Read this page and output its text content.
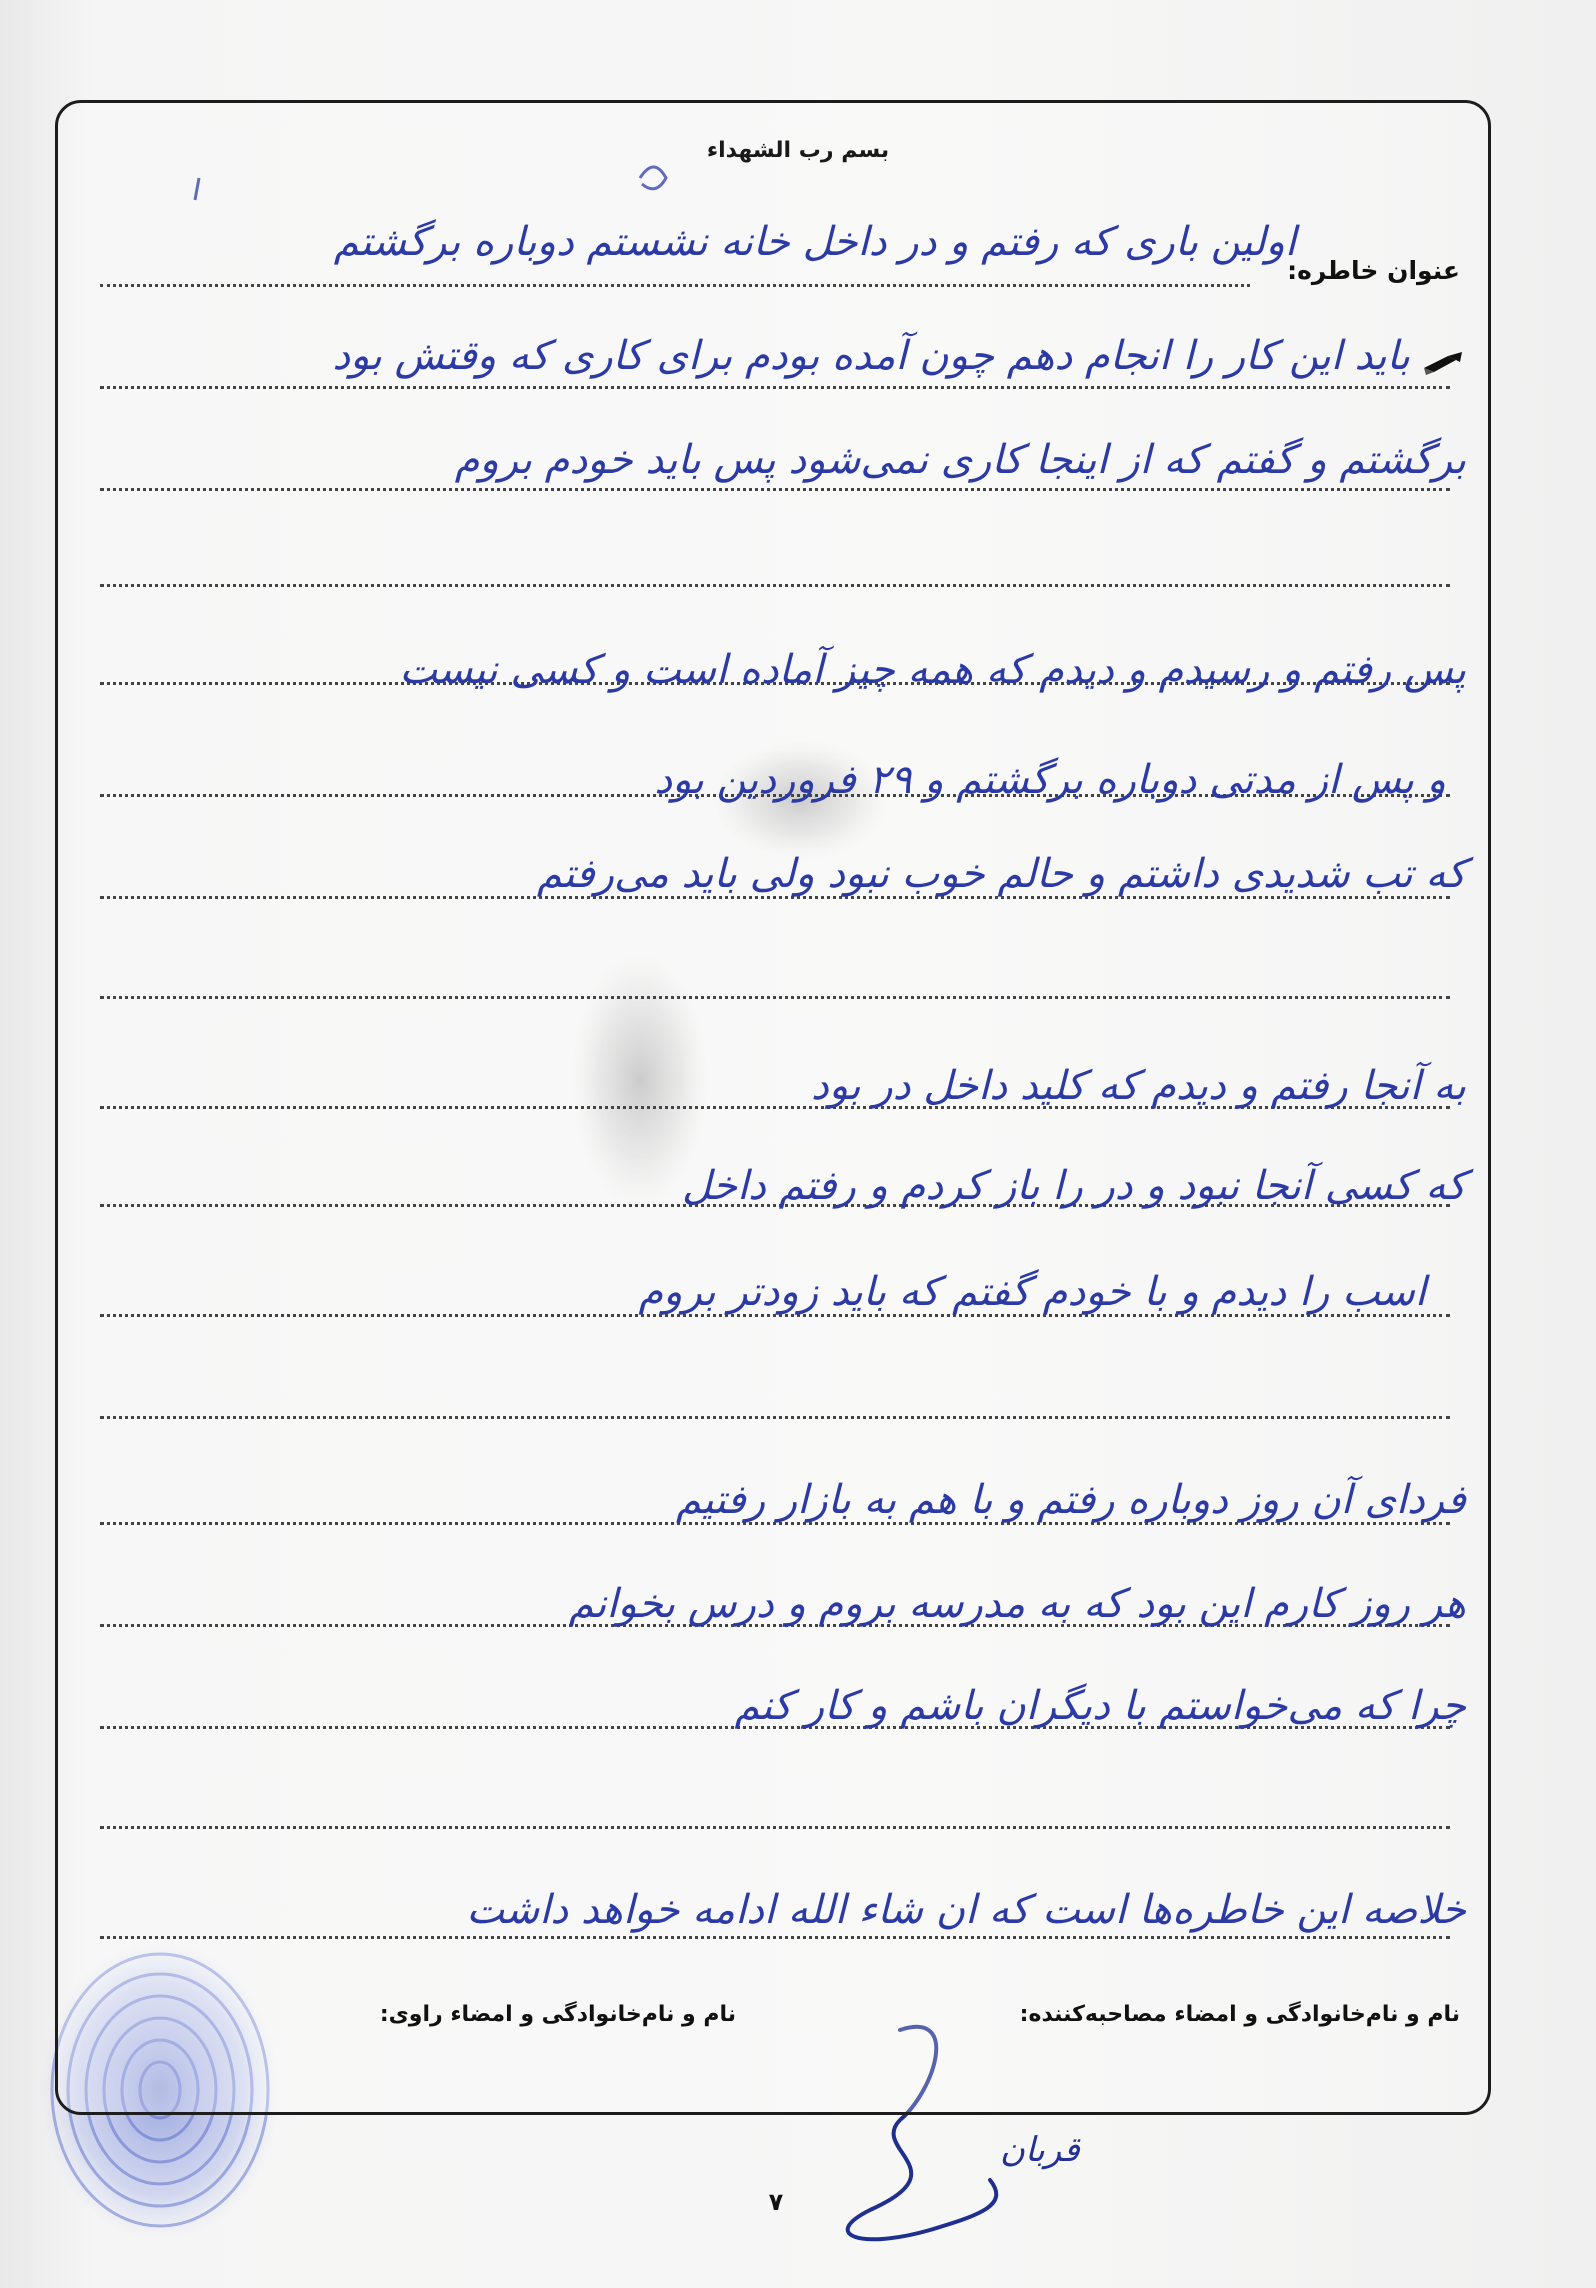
بسم رب الشهداء
عنوان خاطره:
اولین باری که رفتم و در داخل خانه نشستم دوباره برگشتم
باید این کار را انجام دهم چون آمده بودم برای کاری که وقتش بود
برگشتم و گفتم که از اینجا کاری نمی‌شود پس باید خودم بروم
پس رفتم و رسیدم و دیدم که همه چیز آماده است و کسی نیست
و پس از مدتی دوباره برگشتم و ۲۹ فروردین بود
که تب شدیدی داشتم و حالم خوب نبود ولی باید می‌رفتم
به آنجا رفتم و دیدم که کلید داخل در بود
که کسی آنجا نبود و در را باز کردم و رفتم داخل
اسب را دیدم و با خودم گفتم که باید زودتر بروم
فردای آن روز دوباره رفتم و با هم به بازار رفتیم
هر روز کارم این بود که به مدرسه بروم و درس بخوانم
چرا که می‌خواستم با دیگران باشم و کار کنم
خلاصه این خاطره‌ها است که ان شاء الله ادامه خواهد داشت
نام و نام‌خانوادگی و امضاء مصاحبه‌کننده:
نام و نام‌خانوادگی و امضاء راوی:
۷
قربان
